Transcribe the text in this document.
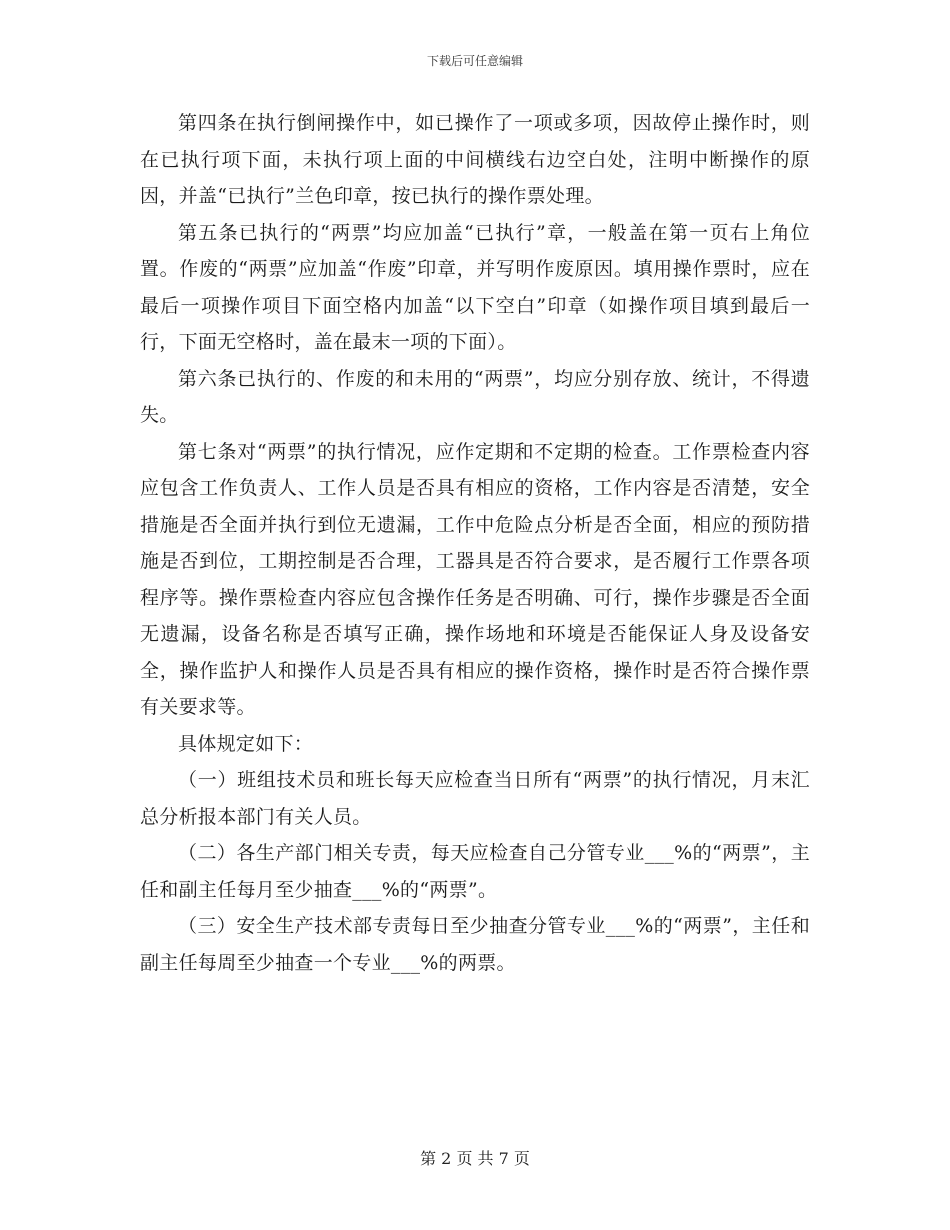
下载后可任意编辑

第四条在执行倒闸操作中，如已操作了一项或多项，因故停止操作时，则在已执行项下面，未执行项上面的中间横线右边空白处，注明中断操作的原因，并盖“已执行”兰色印章，按已执行的操作票处理。

第五条已执行的“两票”均应加盖“已执行”章，一般盖在第一页右上角位置。作废的“两票”应加盖“作废”印章，并写明作废原因。填用操作票时，应在最后一项操作项目下面空格内加盖“以下空白”印章（如操作项目填到最后一行，下面无空格时，盖在最末一项的下面）。

第六条已执行的、作废的和未用的“两票”，均应分别存放、统计，不得遗失。

第七条对“两票”的执行情况，应作定期和不定期的检查。工作票检查内容应包含工作负责人、工作人员是否具有相应的资格，工作内容是否清楚，安全措施是否全面并执行到位无遗漏，工作中危险点分析是否全面，相应的预防措施是否到位，工期控制是否合理，工器具是否符合要求，是否履行工作票各项程序等。操作票检查内容应包含操作任务是否明确、可行，操作步骤是否全面无遗漏，设备名称是否填写正确，操作场地和环境是否能保证人身及设备安全，操作监护人和操作人员是否具有相应的操作资格，操作时是否符合操作票有关要求等。

具体规定如下：

（一）班组技术员和班长每天应检查当日所有“两票”的执行情况，月末汇总分析报本部门有关人员。

（二）各生产部门相关专责，每天应检查自己分管专业___%的“两票”，主任和副主任每月至少抽查___%的“两票”。

（三）安全生产技术部专责每日至少抽查分管专业___%的“两票”，主任和副主任每周至少抽查一个专业___%的两票。

第 2 页 共 7 页
